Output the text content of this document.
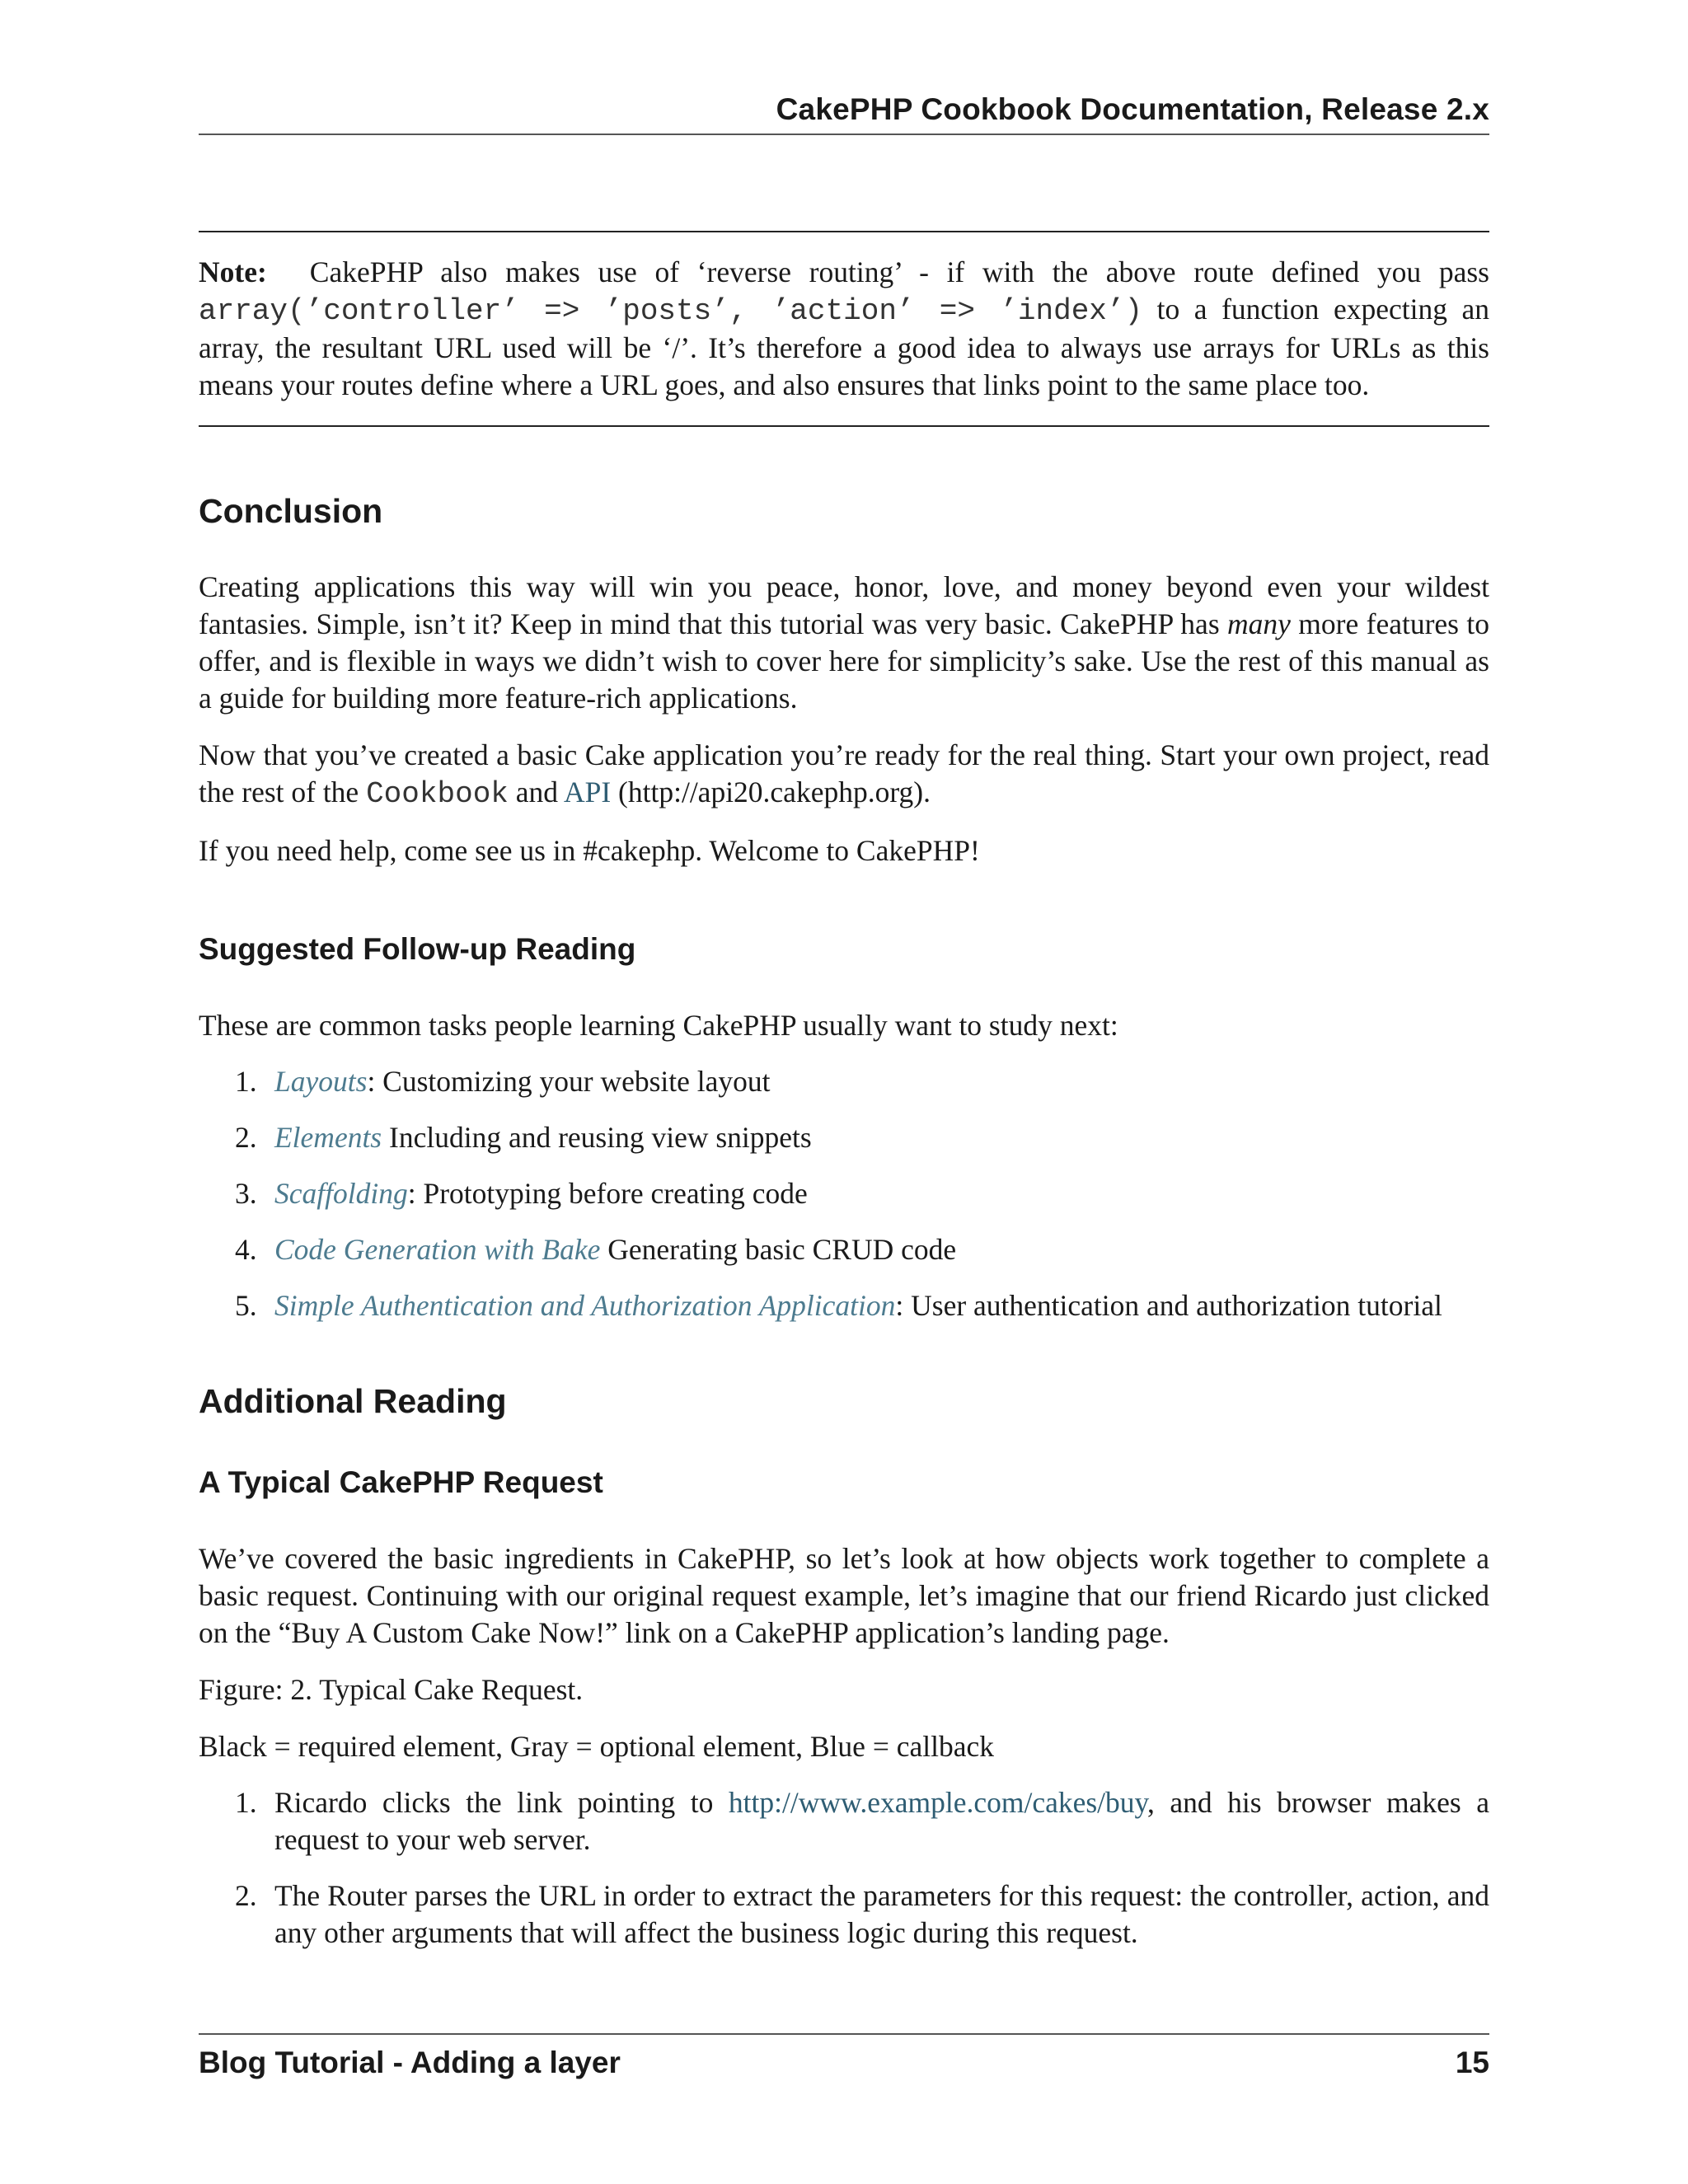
CakePHP Cookbook Documentation, Release 2.x

Note: CakePHP also makes use of ‘reverse routing’ - if with the above route defined you pass array(’controller’ => ’posts’, ’action’ => ’index’) to a function expecting an array, the resultant URL used will be ‘/’. It’s therefore a good idea to always use arrays for URLs as this means your routes define where a URL goes, and also ensures that links point to the same place too.

Conclusion

Creating applications this way will win you peace, honor, love, and money beyond even your wildest fantasies. Simple, isn’t it? Keep in mind that this tutorial was very basic. CakePHP has many more features to offer, and is flexible in ways we didn’t wish to cover here for simplicity’s sake. Use the rest of this manual as a guide for building more feature-rich applications.

Now that you’ve created a basic Cake application you’re ready for the real thing. Start your own project, read the rest of the Cookbook and API (http://api20.cakephp.org).

If you need help, come see us in #cakephp. Welcome to CakePHP!

Suggested Follow-up Reading

These are common tasks people learning CakePHP usually want to study next:

1. Layouts: Customizing your website layout
2. Elements Including and reusing view snippets
3. Scaffolding: Prototyping before creating code
4. Code Generation with Bake Generating basic CRUD code
5. Simple Authentication and Authorization Application: User authentication and authorization tutorial
Additional Reading
A Typical CakePHP Request

We’ve covered the basic ingredients in CakePHP, so let’s look at how objects work together to complete a basic request. Continuing with our original request example, let’s imagine that our friend Ricardo just clicked on the “Buy A Custom Cake Now!” link on a CakePHP application’s landing page.

Figure: 2. Typical Cake Request.

Black = required element, Gray = optional element, Blue = callback

1. Ricardo clicks the link pointing to http://www.example.com/cakes/buy, and his browser makes a request to your web server.
2. The Router parses the URL in order to extract the parameters for this request: the controller, action, and any other arguments that will affect the business logic during this request.
Blog Tutorial - Adding a layer	15
